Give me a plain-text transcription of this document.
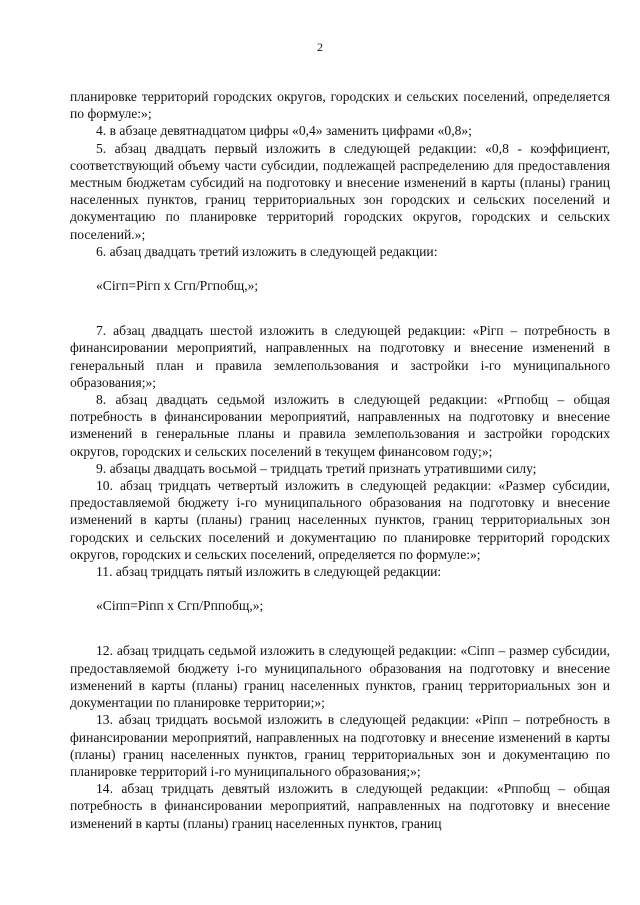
2

планировке территорий городских округов, городских и сельских поселений, определяется по формуле:»;

4. в абзаце девятнадцатом цифры «0,4» заменить цифрами «0,8»;

5. абзац двадцать первый изложить в следующей редакции: «0,8 - коэффициент, соответствующий объему части субсидии, подлежащей распределению для предоставления местным бюджетам субсидий на подготовку и внесение изменений в карты (планы) границ населенных пунктов, границ территориальных зон городских и сельских поселений и документацию по планировке территорий городских округов, городских и сельских поселений.»;

6. абзац двадцать третий изложить в следующей редакции:

«Cігп=Pігп х Сгп/Pгпобщ,»;

7. абзац двадцать шестой изложить в следующей редакции: «Pігп – потребность в финансировании мероприятий, направленных на подготовку и внесение изменений в генеральный план и правила землепользования и застройки i-го муниципального образования;»;

8. абзац двадцать седьмой изложить в следующей редакции: «Pгпобщ – общая потребность в финансировании мероприятий, направленных на подготовку и внесение изменений в генеральные планы и правила землепользования и застройки городских округов, городских и сельских поселений в текущем финансовом году;»;

9. абзацы двадцать восьмой – тридцать третий признать утратившими силу;

10. абзац тридцать четвертый изложить в следующей редакции: «Размер субсидии, предоставляемой бюджету i-го муниципального образования на подготовку и внесение изменений в карты (планы) границ населенных пунктов, границ территориальных зон городских и сельских поселений и документацию по планировке территорий городских округов, городских и сельских поселений, определяется по формуле:»;

11. абзац тридцать пятый изложить в следующей редакции:

«Cіпп=Pіпп х Сгп/Pппобщ,»;

12. абзац тридцать седьмой изложить в следующей редакции: «Cіпп – размер субсидии, предоставляемой бюджету i-го муниципального образования на подготовку и внесение изменений в карты (планы) границ населенных пунктов, границ территориальных зон и документации по планировке территории;»;

13. абзац тридцать восьмой изложить в следующей редакции: «Pіпп – потребность в финансировании мероприятий, направленных на подготовку и внесение изменений в карты (планы) границ населенных пунктов, границ территориальных зон и документацию по планировке территорий i-го муниципального образования;»;

14. абзац тридцать девятый изложить в следующей редакции: «Pппобщ – общая потребность в финансировании мероприятий, направленных на подготовку и внесение изменений в карты (планы) границ населенных пунктов, границ
